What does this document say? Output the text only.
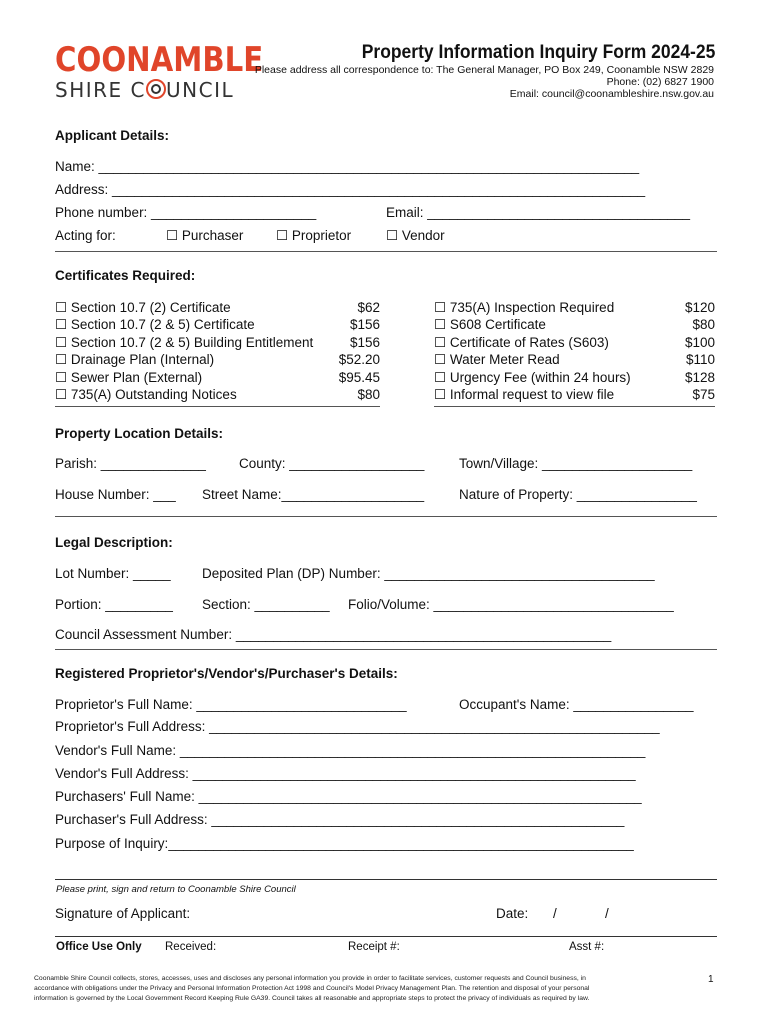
COONAMBLE
SHIRE C UNCIL
Property Information Inquiry Form 2024-25
Please address all correspondence to: The General Manager, PO Box 249, Coonamble NSW 2829
Phone: (02) 6827 1900
Email: council@coonambleshire.nsw.gov.au
Applicant Details:
Name: ________________________________________________________________________
Address: _______________________________________________________________________
Phone number: ______________________	Email: ___________________________________
Acting for:	☐ Purchaser ☐ Proprietor	☐ Vendor
Certificates Required:
☐ Section 10.7 (2) Certificate	$62
☐ Section 10.7 (2 & 5) Certificate	$156
☐ Section 10.7 (2 & 5) Building Entitlement	$156
☐ Drainage Plan (Internal)	$52.20
☐ Sewer Plan (External)	$95.45
☐ 735(A) Outstanding Notices	$80
☐ 735(A) Inspection Required	$120
☐ S608 Certificate	$80
☐ Certificate of Rates (S603)	$100
☐ Water Meter Read	$110
☐ Urgency Fee (within 24 hours)	$128
☐ Informal request to view file	$75
Property Location Details:
Parish: ______________ County: __________________	Town/Village: ____________________
House Number: ___ Street Name:___________________	Nature of Property: ________________
Legal Description:
Lot Number: _____ Deposited Plan (DP) Number: ____________________________________
Portion: _________ Section: __________ Folio/Volume: ________________________________
Council Assessment Number: __________________________________________________
Registered Proprietor's/Vendor's/Purchaser's Details:
Proprietor's Full Name: ____________________________	Occupant's Name: ________________
Proprietor's Full Address: ____________________________________________________________
Vendor's Full Name: ______________________________________________________________
Vendor's Full Address: ___________________________________________________________
Purchasers' Full Name: ___________________________________________________________
Purchaser's Full Address: _______________________________________________________
Purpose of Inquiry:______________________________________________________________
Please print, sign and return to Coonamble Shire Council
Signature of Applicant:	Date: /	/
Office Use Only Received:	Receipt #:	Asst #:
Coonamble Shire Council collects, stores, accesses, uses and discloses any personal information you provide in order to facilitate services, customer requests and Council business, in
accordance with obligations under the Privacy and Personal Information Protection Act 1998 and Council's Model Privacy Management Plan. The retention and disposal of your personal
information is governed by the Local Government Record Keeping Rule GA39. Council takes all reasonable and appropriate steps to protect the privacy of individuals as required by law.
1
